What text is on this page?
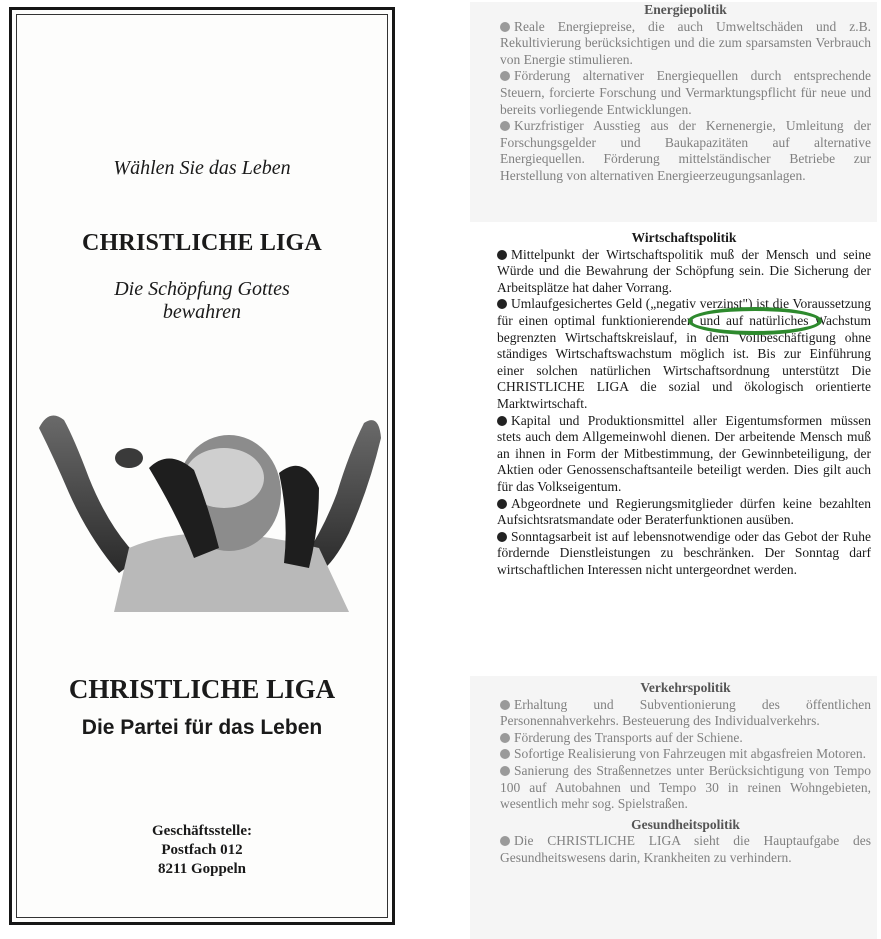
Wählen Sie das Leben
CHRISTLICHE LIGA
Die Schöpfung Gottes
bewahren
CHRISTLICHE LIGA
Die Partei für das Leben
Geschäftsstelle:
Postfach 012
8211 Goppeln
Energiepolitik

Reale Energiepreise, die auch Umweltschäden und z.B. Rekultivierung berücksichtigen und die zum sparsamsten Verbrauch von Energie stimulieren.

Förderung alternativer Energiequellen durch entsprechende Steuern, forcierte Forschung und Vermarktungspflicht für neue und bereits vorliegende Entwicklungen.

Kurzfristiger Ausstieg aus der Kernenergie, Umleitung der Forschungsgelder und Baukapazitäten auf alternative Energiequellen. Förderung mittelständischer Betriebe zur Herstellung von alternativen Energieerzeugungsanlagen.

Wirtschaftspolitik

Mittelpunkt der Wirtschaftspolitik muß der Mensch und seine Würde und die Bewahrung der Schöpfung sein. Die Sicherung der Arbeitsplätze hat daher Vorrang.

Umlaufgesichertes Geld („negativ verzinst") ist die Voraussetzung für einen optimal funktionierenden und auf natürliches Wachstum begrenzten Wirtschaftskreislauf, in dem Vollbeschäftigung ohne ständiges Wirtschaftswachstum möglich ist. Bis zur Einführung einer solchen natürlichen Wirtschaftsordnung unterstützt Die CHRISTLICHE LIGA die sozial und ökologisch orientierte Marktwirtschaft.

Kapital und Produktionsmittel aller Eigentumsformen müssen stets auch dem Allgemeinwohl dienen. Der arbeitende Mensch muß an ihnen in Form der Mitbestimmung, der Gewinnbeteiligung, der Aktien oder Genossenschaftsanteile beteiligt werden. Dies gilt auch für das Volkseigentum.

Abgeordnete und Regierungsmitglieder dürfen keine bezahlten Aufsichtsratsmandate oder Beraterfunktionen ausüben.

Sonntagsarbeit ist auf lebensnotwendige oder das Gebot der Ruhe fördernde Dienstleistungen zu beschränken. Der Sonntag darf wirtschaftlichen Interessen nicht untergeordnet werden.

Verkehrspolitik

Erhaltung und Subventionierung des öffentlichen Personennahverkehrs. Besteuerung des Individualverkehrs.

Förderung des Transports auf der Schiene.

Sofortige Realisierung von Fahrzeugen mit abgasfreien Motoren.

Sanierung des Straßennetzes unter Berücksichtigung von Tempo 100 auf Autobahnen und Tempo 30 in reinen Wohngebieten, wesentlich mehr sog. Spielstraßen.

Gesundheitspolitik

Die CHRISTLICHE LIGA sieht die Hauptaufgabe des Gesundheitswesens darin, Krankheiten zu verhindern.
